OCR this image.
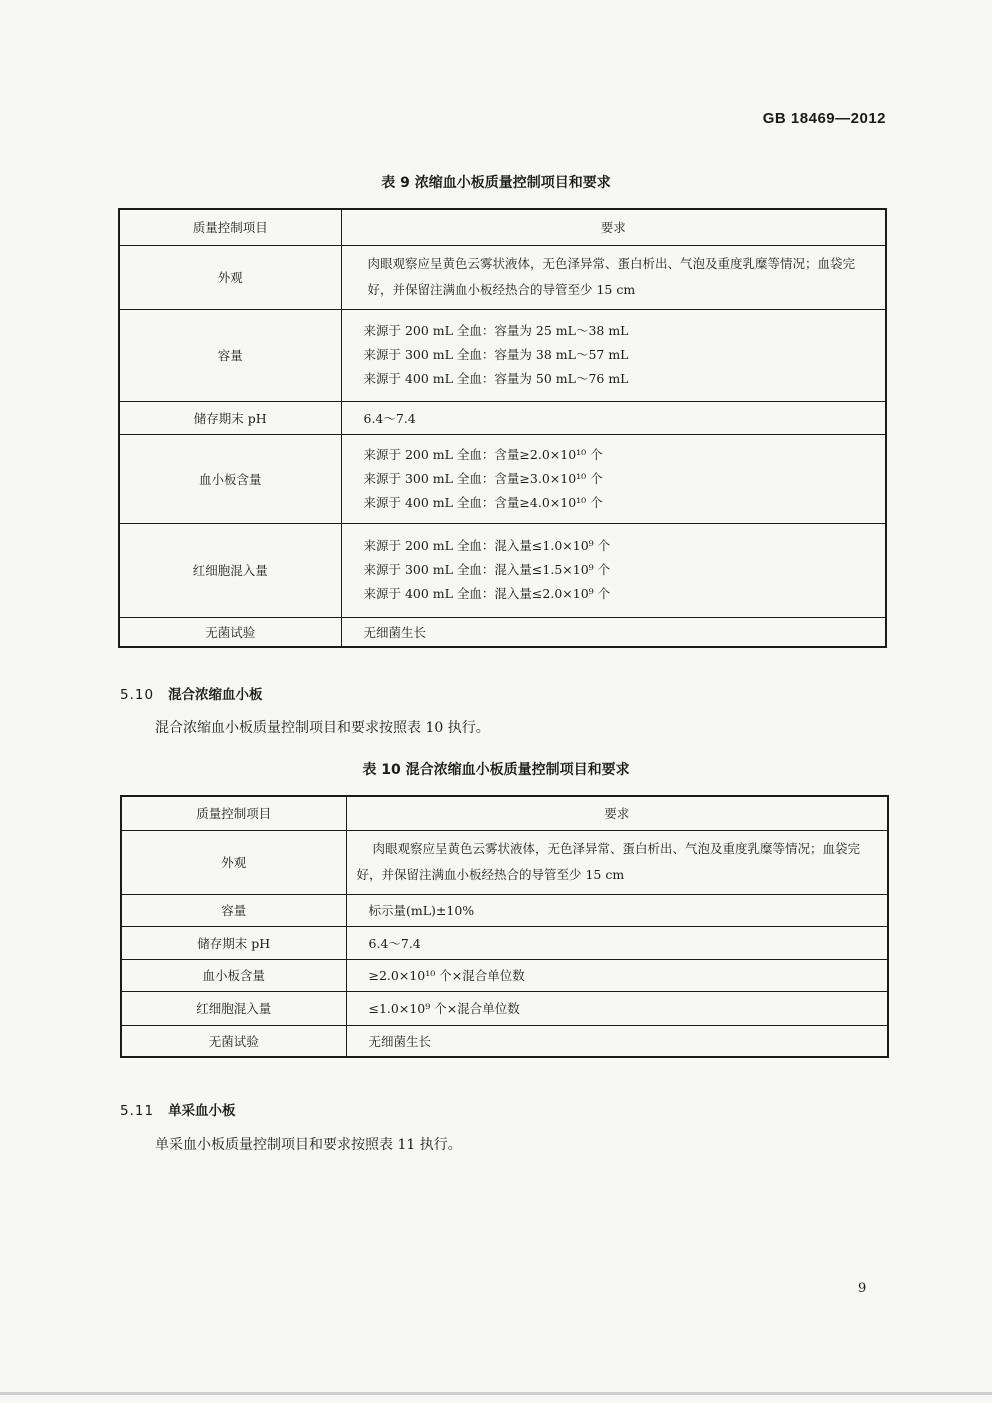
GB 18469—2012
表 9 浓缩血小板质量控制项目和要求
质量控制项目	要求
外观	肉眼观察应呈黄色云雾状液体，无色泽异常、蛋白析出、气泡及重度乳糜等情况；血袋完好，并保留注满血小板经热合的导管至少 15 cm

容量	来源于 200 mL 全血：容量为 25 mL～38 mL
来源于 300 mL 全血：容量为 38 mL～57 mL
来源于 400 mL 全血：容量为 50 mL～76 mL

储存期末 pH	6.4～7.4
血小板含量	来源于 200 mL 全血：含量≥2.0×10¹⁰ 个
来源于 300 mL 全血：含量≥3.0×10¹⁰ 个
来源于 400 mL 全血：含量≥4.0×10¹⁰ 个

红细胞混入量	来源于 200 mL 全血：混入量≤1.0×10⁹ 个
来源于 300 mL 全血：混入量≤1.5×10⁹ 个
来源于 400 mL 全血：混入量≤2.0×10⁹ 个

无菌试验	无细菌生长
5.10 混合浓缩血小板
混合浓缩血小板质量控制项目和要求按照表 10 执行。
表 10 混合浓缩血小板质量控制项目和要求
质量控制项目	要求
外观	肉眼观察应呈黄色云雾状液体，无色泽异常、蛋白析出、气泡及重度乳糜等情况；血袋完好，并保留注满血小板经热合的导管至少 15 cm

容量	标示量(mL)±10%
储存期末 pH	6.4～7.4
血小板含量	≥2.0×10¹⁰ 个×混合单位数
红细胞混入量	≤1.0×10⁹ 个×混合单位数
无菌试验	无细菌生长
5.11 单采血小板
单采血小板质量控制项目和要求按照表 11 执行。
9
